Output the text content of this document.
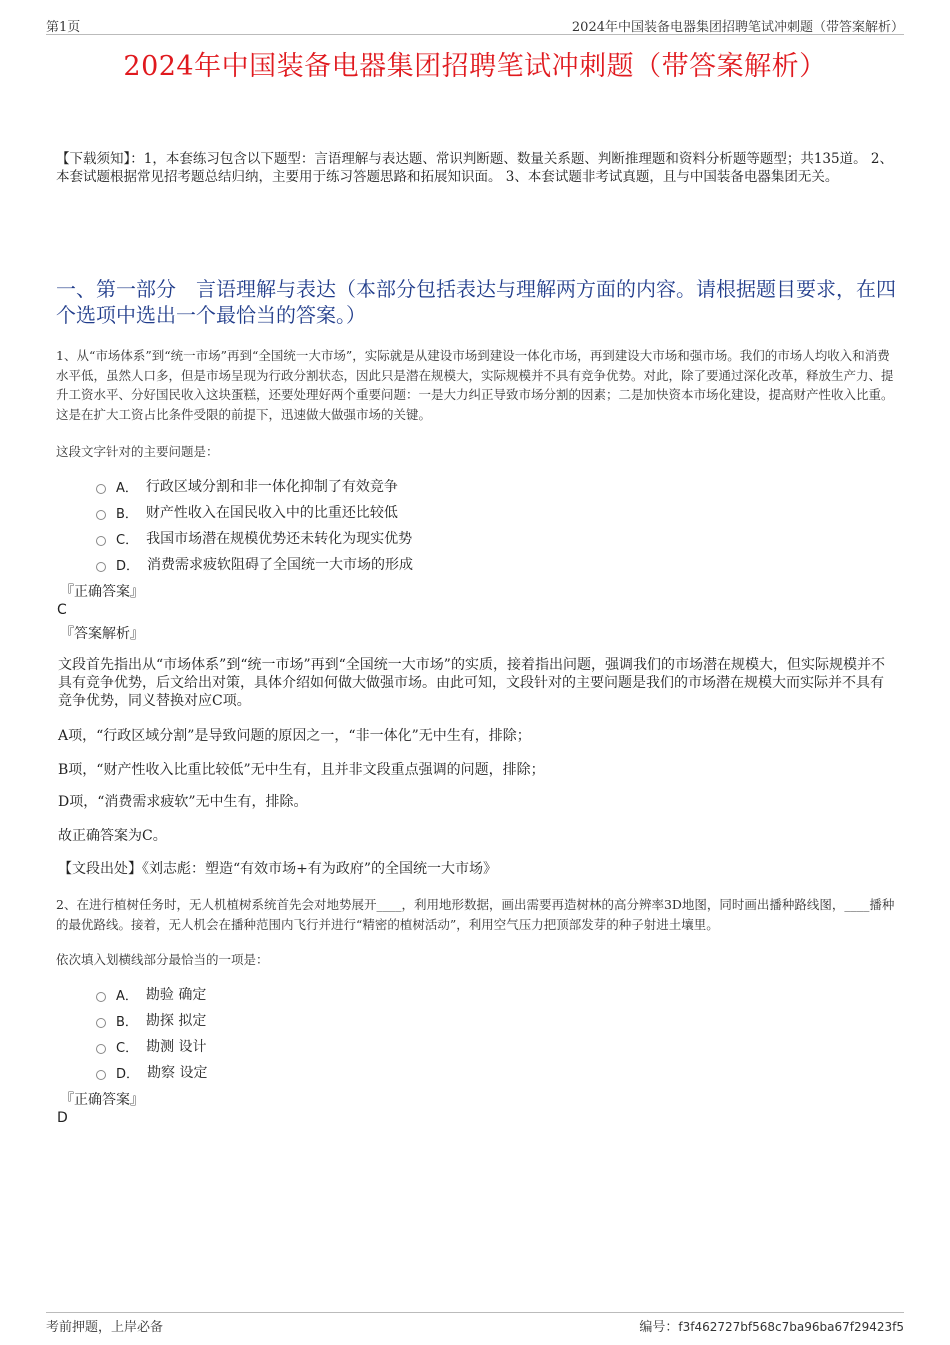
第1页	2024年中国装备电器集团招聘笔试冲刺题（带答案解析）
2024年中国装备电器集团招聘笔试冲刺题（带答案解析）
【下载须知】：1，本套练习包含以下题型：言语理解与表达题、常识判断题、数量关系题、判断推理题和资料分析题等题型；共135道。 2、本套试题根据常见招考题总结归纳，主要用于练习答题思路和拓展知识面。 3、本套试题非考试真题，且与中国装备电器集团无关。
一、第一部分　言语理解与表达（本部分包括表达与理解两方面的内容。请根据题目要求，在四个选项中选出一个最恰当的答案。）

1、从“市场体系”到“统一市场”再到“全国统一大市场”，实际就是从建设市场到建设一体化市场，再到建设大市场和强市场。我们的市场人均收入和消费水平低，虽然人口多，但是市场呈现为行政分割状态，因此只是潜在规模大，实际规模并不具有竞争优势。对此，除了要通过深化改革，释放生产力、提升工资水平、分好国民收入这块蛋糕，还要处理好两个重要问题：一是大力纠正导致市场分割的因素；二是加快资本市场化建设，提高财产性收入比重。这是在扩大工资占比条件受限的前提下，迅速做大做强市场的关键。

这段文字针对的主要问题是：

A． 行政区域分割和非一体化抑制了有效竞争
B． 财产性收入在国民收入中的比重还比较低
C． 我国市场潜在规模优势还未转化为现实优势
D． 消费需求疲软阻碍了全国统一大市场的形成
『正确答案』
C
『答案解析』

文段首先指出从“市场体系”到“统一市场”再到“全国统一大市场”的实质，接着指出问题，强调我们的市场潜在规模大，但实际规模并不具有竞争优势，后文给出对策，具体介绍如何做大做强市场。由此可知，文段针对的主要问题是我们的市场潜在规模大而实际并不具有竞争优势，同义替换对应C项。

A项，“行政区域分割”是导致问题的原因之一，“非一体化”无中生有，排除；

B项，“财产性收入比重比较低”无中生有，且并非文段重点强调的问题，排除；

D项，“消费需求疲软”无中生有，排除。

故正确答案为C。

【文段出处】《刘志彪：塑造“有效市场+有为政府”的全国统一大市场》

2、在进行植树任务时，无人机植树系统首先会对地势展开____，利用地形数据，画出需要再造树林的高分辨率3D地图，同时画出播种路线图，____播种的最优路线。接着，无人机会在播种范围内飞行并进行“精密的植树活动”，利用空气压力把顶部发芽的种子射进土壤里。

依次填入划横线部分最恰当的一项是：

A． 勘验 确定
B． 勘探 拟定
C． 勘测 设计
D． 勘察 设定
『正确答案』
D
考前押题，上岸必备	编号：f3f462727bf568c7ba96ba67f29423f5
